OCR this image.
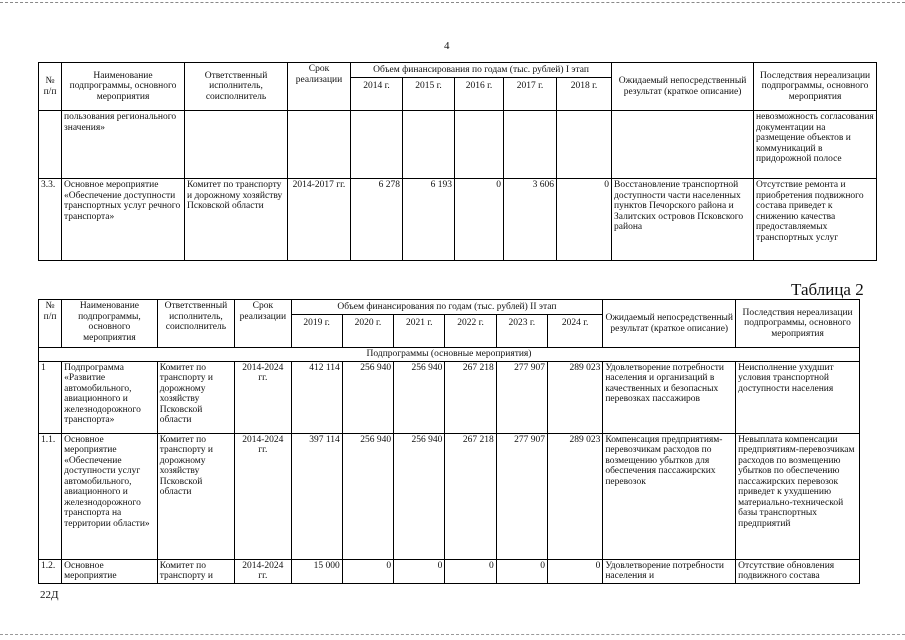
4
№ п/п	Наименование подпрограммы, основного мероприятия	Ответственный исполнитель, соисполнитель	Срок реализации	Объем финансирования по годам (тыс. рублей) I этап					Ожидаемый непосредственный результат (краткое описание)	Последствия нереализации подпрограммы, основного мероприятия
				2014 г.	2015 г.	2016 г.	2017 г.	2018 г.		
	пользования регионального значения»									невозможность согласования документации на размещение объектов и коммуникаций в придорожной полосе
3.3.	Основное мероприятие «Обеспечение доступности транспортных услуг речного транспорта»	Комитет по транспорту и дорожному хозяйству Псковской области	2014-2017 гг.	6 278	6 193	0	3 606	0	Восстановление транспортной доступности части населенных пунктов Печорского района и Залитских островов Псковского района	Отсутствие ремонта и приобретения подвижного состава приведет к снижению качества предоставляемых транспортных услуг
Таблица 2
№ п/п	Наименование подпрограммы, основного мероприятия	Ответственный исполнитель, соисполнитель	Срок реализации	Объем финансирования по годам (тыс. рублей) II этап						Ожидаемый непосредственный результат (краткое описание)	Последствия нереализации подпрограммы, основного мероприятия
				2019 г.	2020 г.	2021 г.	2022 г.	2023 г.	2024 г.		
Подпрограммы (основные мероприятия)											
1	Подпрограмма «Развитие автомобильного, авиационного и железнодорожного транспорта»	Комитет по транспорту и дорожному хозяйству Псковской области	2014-2024 гг.	412 114	256 940	256 940	267 218	277 907	289 023	Удовлетворение потребности населения и организаций в качественных и безопасных перевозках пассажиров	Неисполнение ухудшит условия транспортной доступности населения
1.1.	Основное мероприятие «Обеспечение доступности услуг автомобильного, авиационного и железнодорожного транспорта на территории области»	Комитет по транспорту и дорожному хозяйству Псковской области	2014-2024 гг.	397 114	256 940	256 940	267 218	277 907	289 023	Компенсация предприятиям-перевозчикам расходов по возмещению убытков для обеспечения пассажирских перевозок	Невыплата компенсации предприятиям-перевозчикам расходов по возмещению убытков по обеспечению пассажирских перевозок приведет к ухудшению материально-технической базы транспортных предприятий
1.2.	Основное мероприятие	Комитет по транспорту и	2014-2024 гг.	15 000	0	0	0	0	0	Удовлетворение потребности населения и	Отсутствие обновления подвижного состава
22Д
